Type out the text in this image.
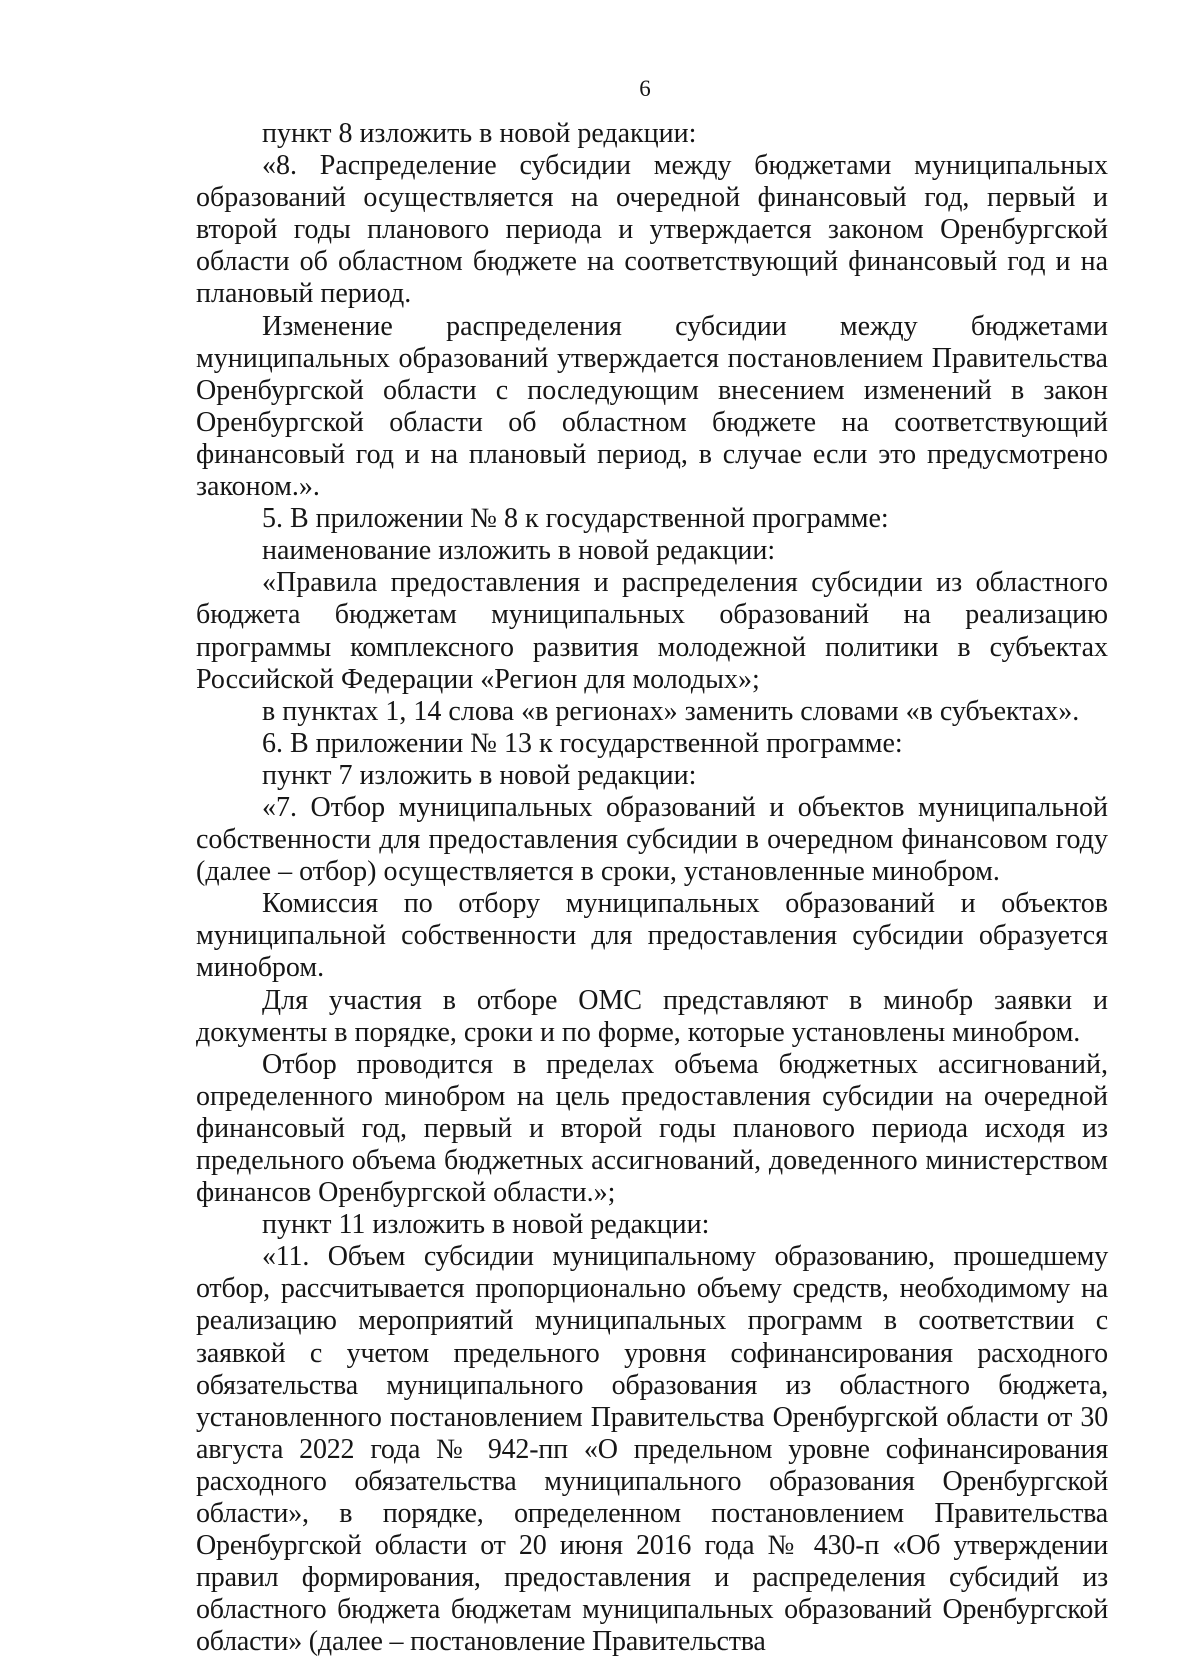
6

пункт 8 изложить в новой редакции:

«8. Распределение субсидии между бюджетами муниципальных образований осуществляется на очередной финансовый год, первый и второй годы планового периода и утверждается законом Оренбургской области об областном бюджете на соответствующий финансовый год и на плановый период.

Изменение распределения субсидии между бюджетами муниципальных образований утверждается постановлением Правительства Оренбургской области с последующим внесением изменений в закон Оренбургской области об областном бюджете на соответствующий финансовый год и на плановый период, в случае если это предусмотрено законом.».

5. В приложении № 8 к государственной программе:

наименование изложить в новой редакции:

«Правила предоставления и распределения субсидии из областного бюджета бюджетам муниципальных образований на реализацию программы комплексного развития молодежной политики в субъектах Российской Федерации «Регион для молодых»;

в пунктах 1, 14 слова «в регионах» заменить словами «в субъектах».

6. В приложении № 13 к государственной программе:

пункт 7 изложить в новой редакции:

«7. Отбор муниципальных образований и объектов муниципальной собственности для предоставления субсидии в очередном финансовом году (далее – отбор) осуществляется в сроки, установленные минобром.

Комиссия по отбору муниципальных образований и объектов муниципальной собственности для предоставления субсидии образуется минобром.

Для участия в отборе ОМС представляют в минобр заявки и документы в порядке, сроки и по форме, которые установлены минобром.

Отбор проводится в пределах объема бюджетных ассигнований, определенного минобром на цель предоставления субсидии на очередной финансовый год, первый и второй годы планового периода исходя из предельного объема бюджетных ассигнований, доведенного министерством финансов Оренбургской области.»;

пункт 11 изложить в новой редакции:

«11. Объем субсидии муниципальному образованию, прошедшему отбор, рассчитывается пропорционально объему средств, необходимому на реализацию мероприятий муниципальных программ в соответствии с заявкой с учетом предельного уровня софинансирования расходного обязательства муниципального образования из областного бюджета, установленного постановлением Правительства Оренбургской области от 30 августа 2022 года № 942-пп «О предельном уровне софинансирования расходного обязательства муниципального образования Оренбургской области», в порядке, определенном постановлением Правительства Оренбургской области от 20 июня 2016 года № 430-п «Об утверждении правил формирования, предоставления и распределения субсидий из областного бюджета бюджетам муниципальных образований Оренбургской области» (далее – постановление Правительства
